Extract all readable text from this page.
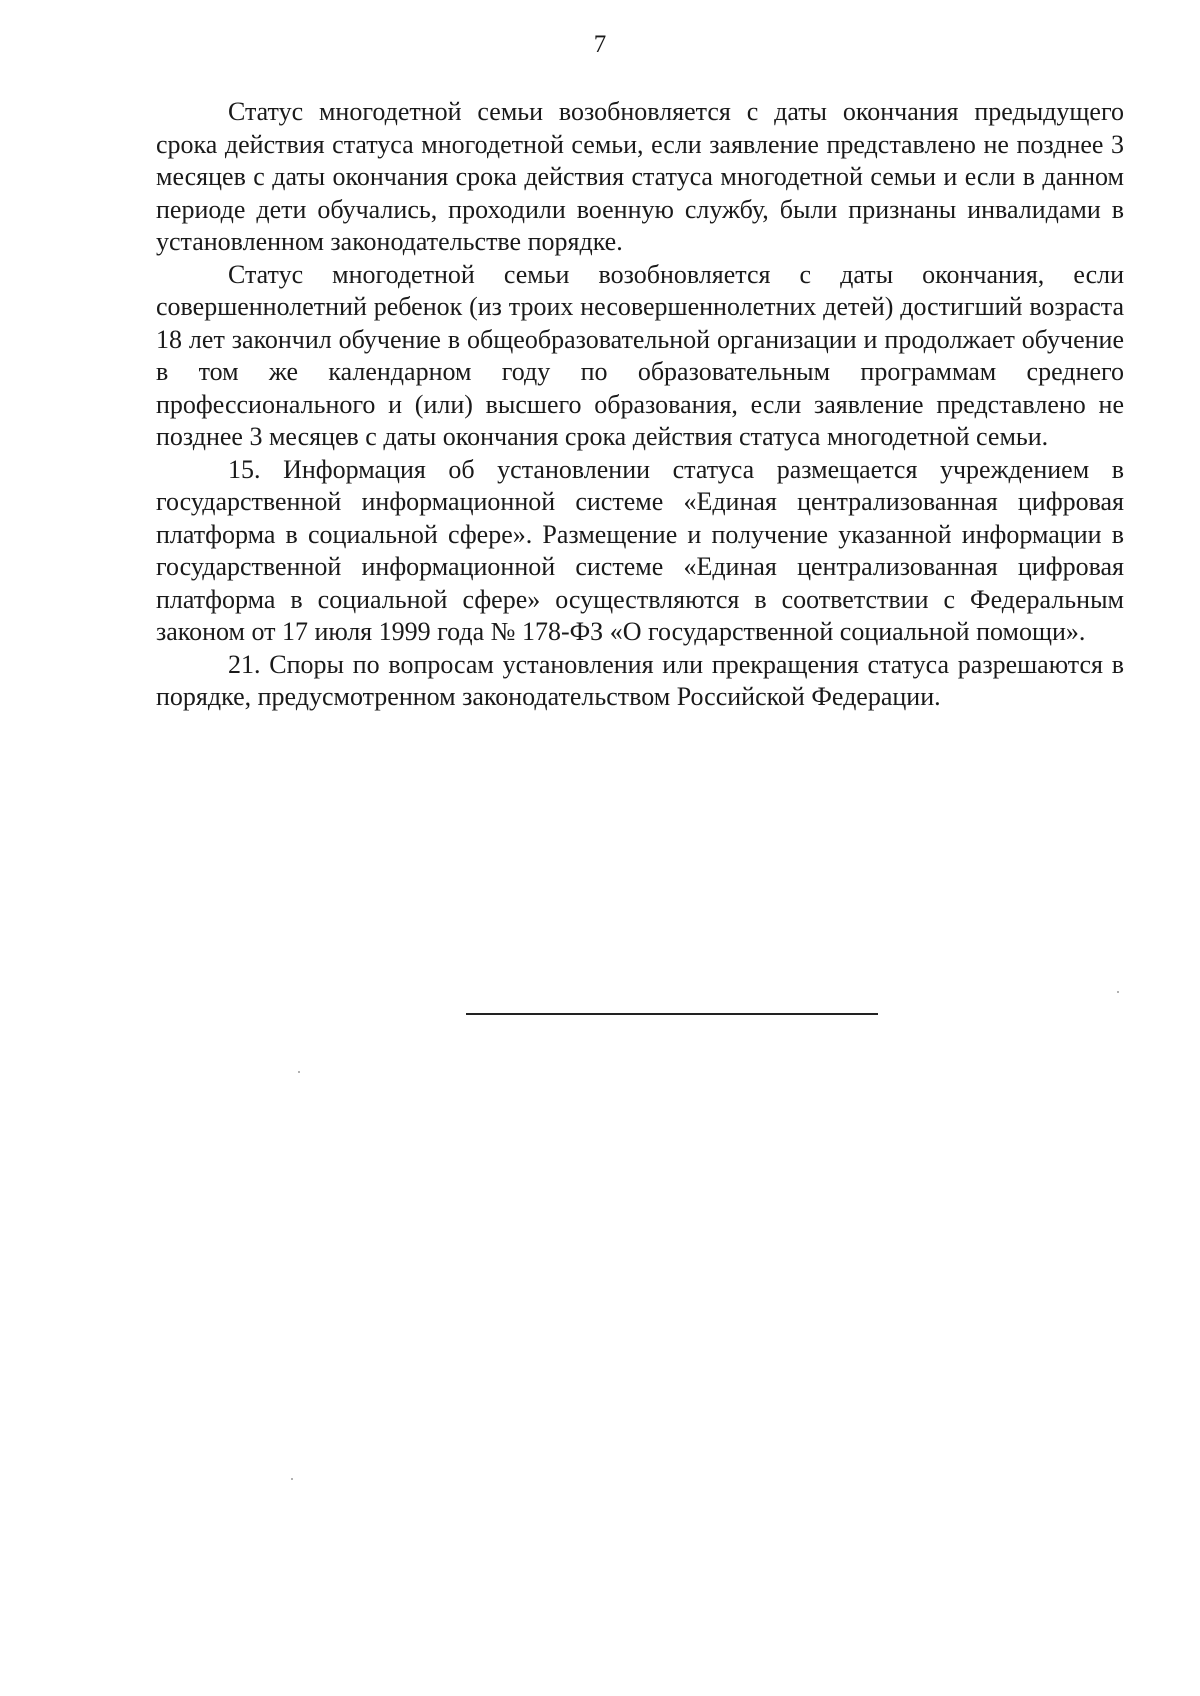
7

Статус многодетной семьи возобновляется с даты окончания предыдущего срока действия статуса многодетной семьи, если заявление представлено не позднее 3 месяцев с даты окончания срока действия статуса многодетной семьи и если в данном периоде дети обучались, проходили военную службу, были признаны инвалидами в установленном законодательстве порядке.

Статус многодетной семьи возобновляется с даты окончания, если совершеннолетний ребенок (из троих несовершеннолетних детей) достигший возраста 18 лет закончил обучение в общеобразовательной организации и продолжает обучение в том же календарном году по образовательным программам среднего профессионального и (или) высшего образования, если заявление представлено не позднее 3 месяцев с даты окончания срока действия статуса многодетной семьи.

15. Информация об установлении статуса размещается учреждением в государственной информационной системе «Единая централизованная цифровая платформа в социальной сфере». Размещение и получение указанной информации в государственной информационной системе «Единая централизованная цифровая платформа в социальной сфере» осуществляются в соответствии с Федеральным законом от 17 июля 1999 года № 178-ФЗ «О государственной социальной помощи».

21. Споры по вопросам установления или прекращения статуса разрешаются в порядке, предусмотренном законодательством Российской Федерации.
